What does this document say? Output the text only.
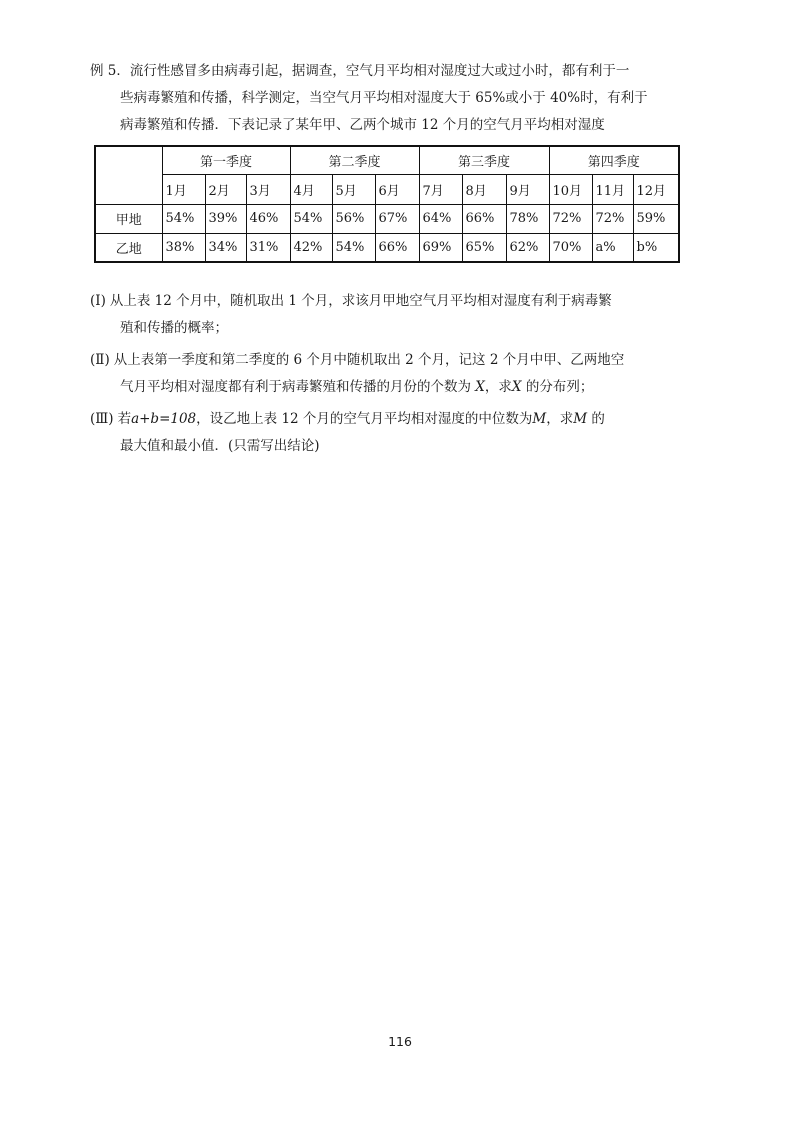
例 5．流行性感冒多由病毒引起，据调查，空气月平均相对湿度过大或过小时，都有利于一
些病毒繁殖和传播，科学测定，当空气月平均相对湿度大于 65%或小于 40%时，有利于
病毒繁殖和传播．下表记录了某年甲、乙两个城市 12 个月的空气月平均相对湿度
	第一季度			第二季度			第三季度			第四季度		
	1月	2月	3月	4月	5月	6月	7月	8月	9月	10月	11月	12月
甲地	54%	39%	46%	54%	56%	67%	64%	66%	78%	72%	72%	59%
乙地	38%	34%	31%	42%	54%	66%	69%	65%	62%	70%	a%	b%
(Ⅰ) 从上表 12 个月中，随机取出 1 个月，求该月甲地空气月平均相对湿度有利于病毒繁
殖和传播的概率；
(Ⅱ) 从上表第一季度和第二季度的 6 个月中随机取出 2 个月，记这 2 个月中甲、乙两地空
气月平均相对湿度都有利于病毒繁殖和传播的月份的个数为 X，求X 的分布列；
(Ⅲ) 若a+b=108，设乙地上表 12 个月的空气月平均相对湿度的中位数为M，求M 的
最大值和最小值．(只需写出结论)
116
